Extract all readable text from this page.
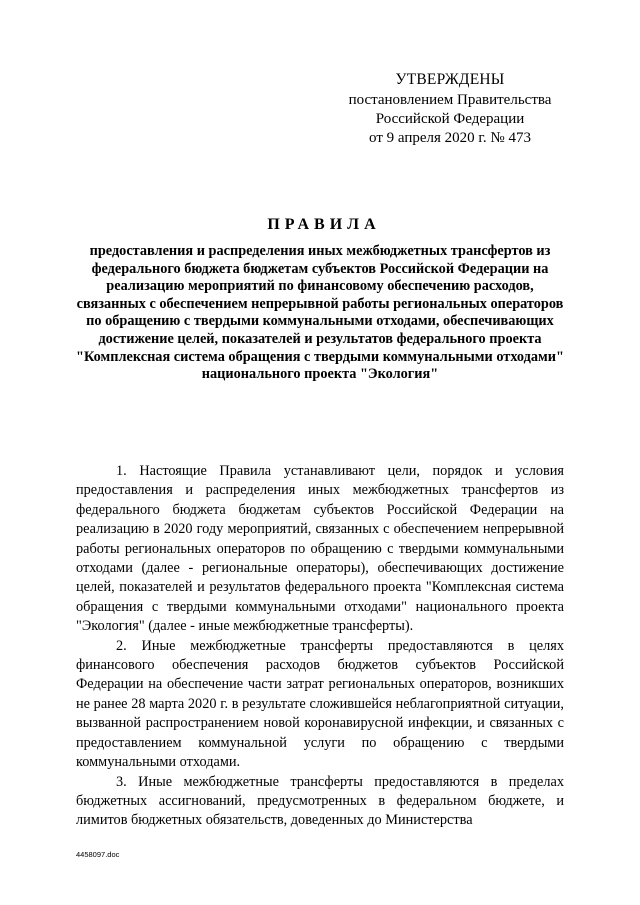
УТВЕРЖДЕНЫ
постановлением Правительства
Российской Федерации
от 9 апреля 2020 г. № 473
ПРАВИЛА
предоставления и распределения иных межбюджетных трансфертов из федерального бюджета бюджетам субъектов Российской Федерации на реализацию мероприятий по финансовому обеспечению расходов, связанных с обеспечением непрерывной работы региональных операторов по обращению с твердыми коммунальными отходами, обеспечивающих достижение целей, показателей и результатов федерального проекта "Комплексная система обращения с твердыми коммунальными отходами" национального проекта "Экология"

1. Настоящие Правила устанавливают цели, порядок и условия предоставления и распределения иных межбюджетных трансфертов из федерального бюджета бюджетам субъектов Российской Федерации на реализацию в 2020 году мероприятий, связанных с обеспечением непрерывной работы региональных операторов по обращению с твердыми коммунальными отходами (далее - региональные операторы), обеспечивающих достижение целей, показателей и результатов федерального проекта "Комплексная система обращения с твердыми коммунальными отходами" национального проекта "Экология" (далее - иные межбюджетные трансферты).

2. Иные межбюджетные трансферты предоставляются в целях финансового обеспечения расходов бюджетов субъектов Российской Федерации на обеспечение части затрат региональных операторов, возникших не ранее 28 марта 2020 г. в результате сложившейся неблагоприятной ситуации, вызванной распространением новой коронавирусной инфекции, и связанных с предоставлением коммунальной услуги по обращению с твердыми коммунальными отходами.

3. Иные межбюджетные трансферты предоставляются в пределах бюджетных ассигнований, предусмотренных в федеральном бюджете, и лимитов бюджетных обязательств, доведенных до Министерства

4458097.doc
